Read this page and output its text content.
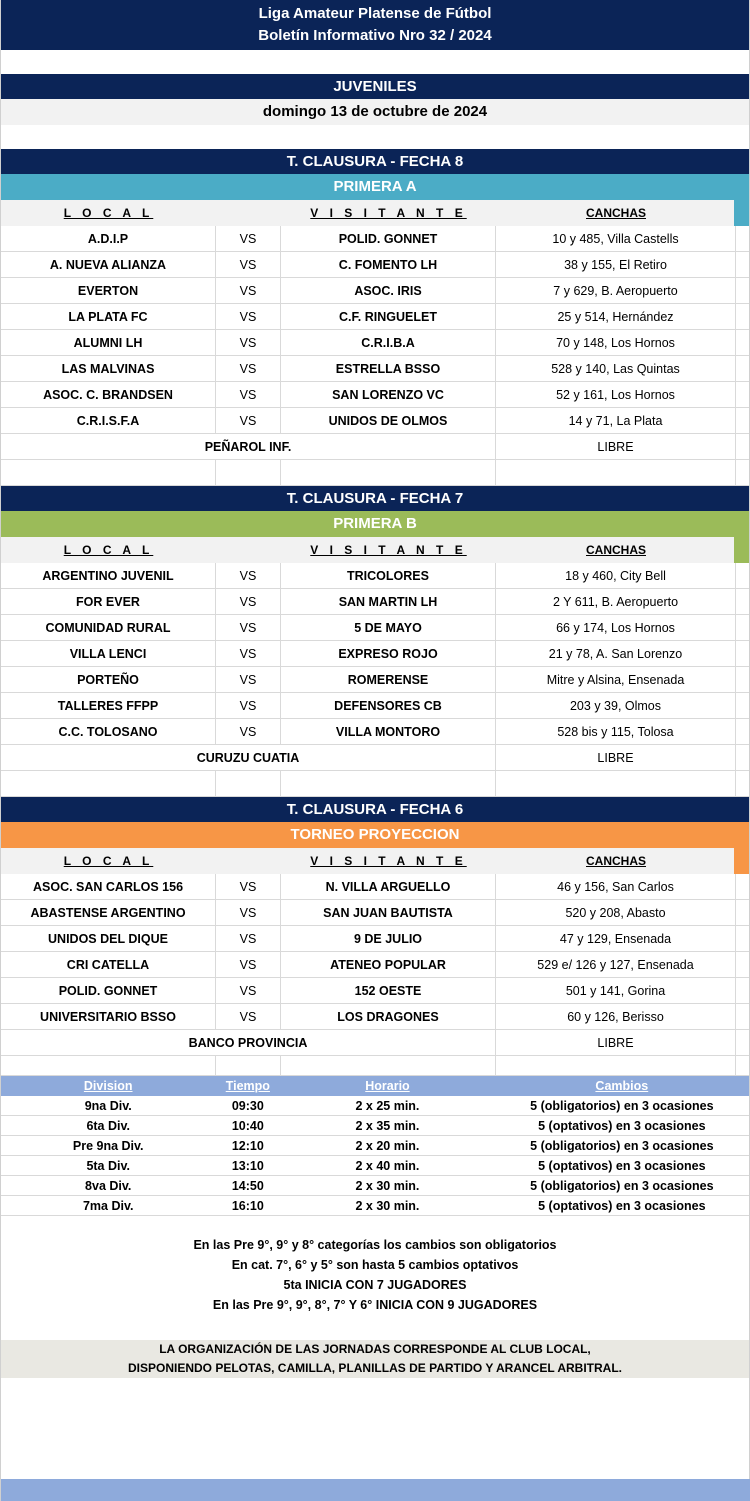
Liga Amateur Platense de Fútbol
Boletín Informativo Nro 32 / 2024
JUVENILES
domingo 13 de octubre de 2024
T. CLAUSURA - FECHA 8
PRIMERA A
L O C A L	V I S I T A N T E	CANCHAS
A.D.I.P	VS	POLID. GONNET	10 y 485, Villa Castells
A. NUEVA ALIANZA	VS	C. FOMENTO LH	38 y 155, El Retiro
EVERTON	VS	ASOC. IRIS	7 y 629, B. Aeropuerto
LA PLATA FC	VS	C.F. RINGUELET	25 y 514, Hernández
ALUMNI LH	VS	C.R.I.B.A	70 y 148, Los Hornos
LAS MALVINAS	VS	ESTRELLA BSSO	528 y 140, Las Quintas
ASOC. C. BRANDSEN	VS	SAN LORENZO VC	52 y 161, Los Hornos
C.R.I.S.F.A	VS	UNIDOS DE OLMOS	14 y 71, La Plata
PEÑAROL INF.	LIBRE
T. CLAUSURA - FECHA 7
PRIMERA B
L O C A L	V I S I T A N T E	CANCHAS
ARGENTINO JUVENIL	VS	TRICOLORES	18 y 460, City Bell
FOR EVER	VS	SAN MARTIN LH	2 Y 611, B. Aeropuerto
COMUNIDAD RURAL	VS	5 DE MAYO	66 y 174, Los Hornos
VILLA LENCI	VS	EXPRESO ROJO	21 y 78, A. San Lorenzo
PORTEÑO	VS	ROMERENSE	Mitre y Alsina, Ensenada
TALLERES FFPP	VS	DEFENSORES CB	203 y 39, Olmos
C.C. TOLOSANO	VS	VILLA MONTORO	528 bis y 115, Tolosa
CURUZU CUATIA	LIBRE
T. CLAUSURA - FECHA 6
TORNEO PROYECCION
L O C A L	V I S I T A N T E	CANCHAS
ASOC. SAN CARLOS 156	VS	N. VILLA ARGUELLO	46 y 156, San Carlos
ABASTENSE ARGENTINO	VS	SAN JUAN BAUTISTA	520 y 208, Abasto
UNIDOS DEL DIQUE	VS	9 DE JULIO	47 y 129, Ensenada
CRI CATELLA	VS	ATENEO POPULAR	529 e/ 126 y 127, Ensenada
POLID. GONNET	VS	152 OESTE	501 y 141, Gorina
UNIVERSITARIO BSSO	VS	LOS DRAGONES	60 y 126, Berisso
BANCO PROVINCIA	LIBRE
Division	Tiempo	Horario	Cambios
9na Div.	09:30	2 x 25 min.	5 (obligatorios) en 3 ocasiones
6ta Div.	10:40	2 x 35 min.	5 (optativos) en 3 ocasiones
Pre 9na Div.	12:10	2 x 20 min.	5 (obligatorios) en 3 ocasiones
5ta Div.	13:10	2 x 40 min.	5 (optativos) en 3 ocasiones
8va Div.	14:50	2 x 30 min.	5 (obligatorios) en 3 ocasiones
7ma Div.	16:10	2 x 30 min.	5 (optativos) en 3 ocasiones
En las Pre 9°, 9° y 8° categorías los cambios son obligatorios
En cat. 7°, 6° y 5° son hasta 5 cambios optativos
5ta INICIA CON 7 JUGADORES
En las Pre 9°, 9°, 8°, 7° Y 6° INICIA CON 9 JUGADORES
LA ORGANIZACIÓN DE LAS JORNADAS CORRESPONDE AL CLUB LOCAL,
DISPONIENDO PELOTAS, CAMILLA, PLANILLAS DE PARTIDO Y ARANCEL ARBITRAL.
